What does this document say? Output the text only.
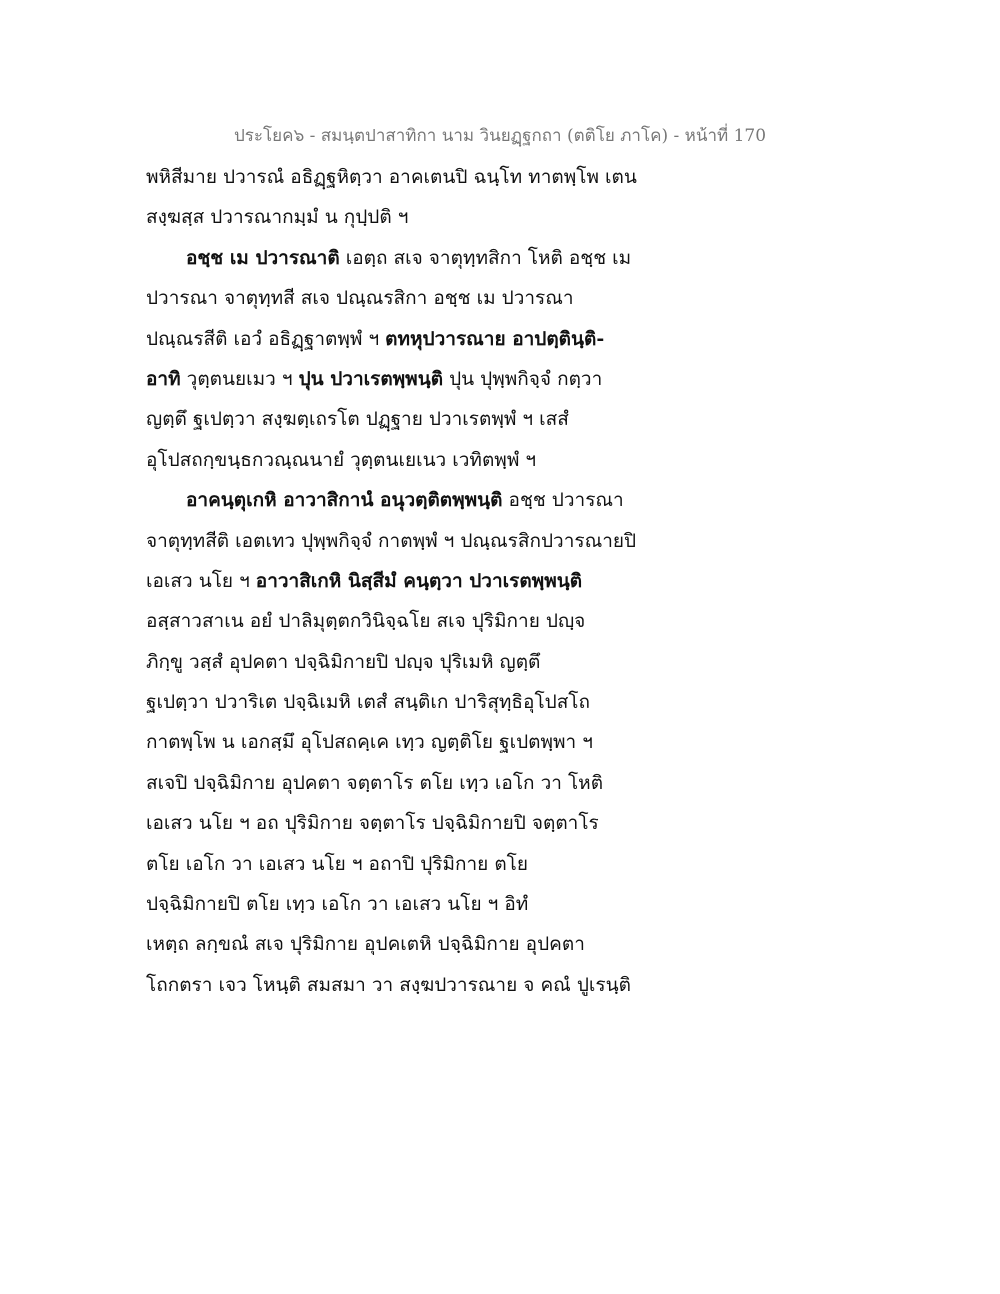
ประโยค๖ - สมนฺตปาสาทิกา นาม วินยฏฺฐกถา (ตติโย ภาโค) - หน้าที่ 170
พหิสีมาย ปวารณํ อธิฏฺฐหิตฺวา อาคเตนปิ ฉนฺโท ทาตพฺโพ เตน
สงฺฆสฺส ปวารณากมฺมํ น กุปฺปติ ฯ
อชฺช เม ปวารณาติ เอตฺถ สเจ จาตุทฺทสิกา โหติ อชฺช เม
ปวารณา จาตุทฺทสี สเจ ปณฺณรสิกา อชฺช เม ปวารณา
ปณฺณรสีติ เอวํ อธิฏฺฐาตพฺพํ ฯ ตทหุปวารณาย อาปตฺตินฺติ-
อาทิ วุตฺตนยเมว ฯ ปุน ปวาเรตพฺพนฺติ ปุน ปุพฺพกิจฺจํ กตฺวา
ญตฺตึ ฐเปตฺวา สงฺฆตฺเถรโต ปฏฺฐาย ปวาเรตพฺพํ ฯ เสสํ
อุโปสถกฺขนฺธกวณฺณนายํ วุตฺตนเยเนว เวทิตพฺพํ ฯ
อาคนฺตุเกหิ อาวาสิกานํ อนุวตฺติตพฺพนฺติ อชฺช ปวารณา
จาตุทฺทสีติ เอตเทว ปุพฺพกิจฺจํ กาตพฺพํ ฯ ปณฺณรสิกปวารณายปิ
เอเสว นโย ฯ อาวาสิเกหิ นิสฺสีมํ คนฺตฺวา ปวาเรตพฺพนฺติ
อสฺสาวสาเน อยํ ปาลิมุตฺตกวินิจฺฉโย สเจ ปุริมิกาย ปญฺจ
ภิกฺขู วสฺสํ อุปคตา ปจฺฉิมิกายปิ ปญฺจ ปุริเมหิ ญตฺตึ
ฐเปตฺวา ปวาริเต ปจฺฉิเมหิ เตสํ สนฺติเก ปาริสุทฺธิอุโปสโถ
กาตพฺโพ น เอกสฺมึ อุโปสถคฺเค เทฺว ญตฺติโย ฐเปตพฺพา ฯ
สเจปิ ปจฺฉิมิกาย อุปคตา จตฺตาโร ตโย เทฺว เอโก วา โหติ
เอเสว นโย ฯ อถ ปุริมิกาย จตฺตาโร ปจฺฉิมิกายปิ จตฺตาโร
ตโย เอโก วา เอเสว นโย ฯ อถาปิ ปุริมิกาย ตโย
ปจฺฉิมิกายปิ ตโย เทฺว เอโก วา เอเสว นโย ฯ อิทํ
เหตฺถ ลกฺขณํ สเจ ปุริมิกาย อุปคเตหิ ปจฺฉิมิกาย อุปคตา
โถกตรา เจว โหนฺติ สมสมา วา สงฺฆปวารณาย จ คณํ ปูเรนฺติ
